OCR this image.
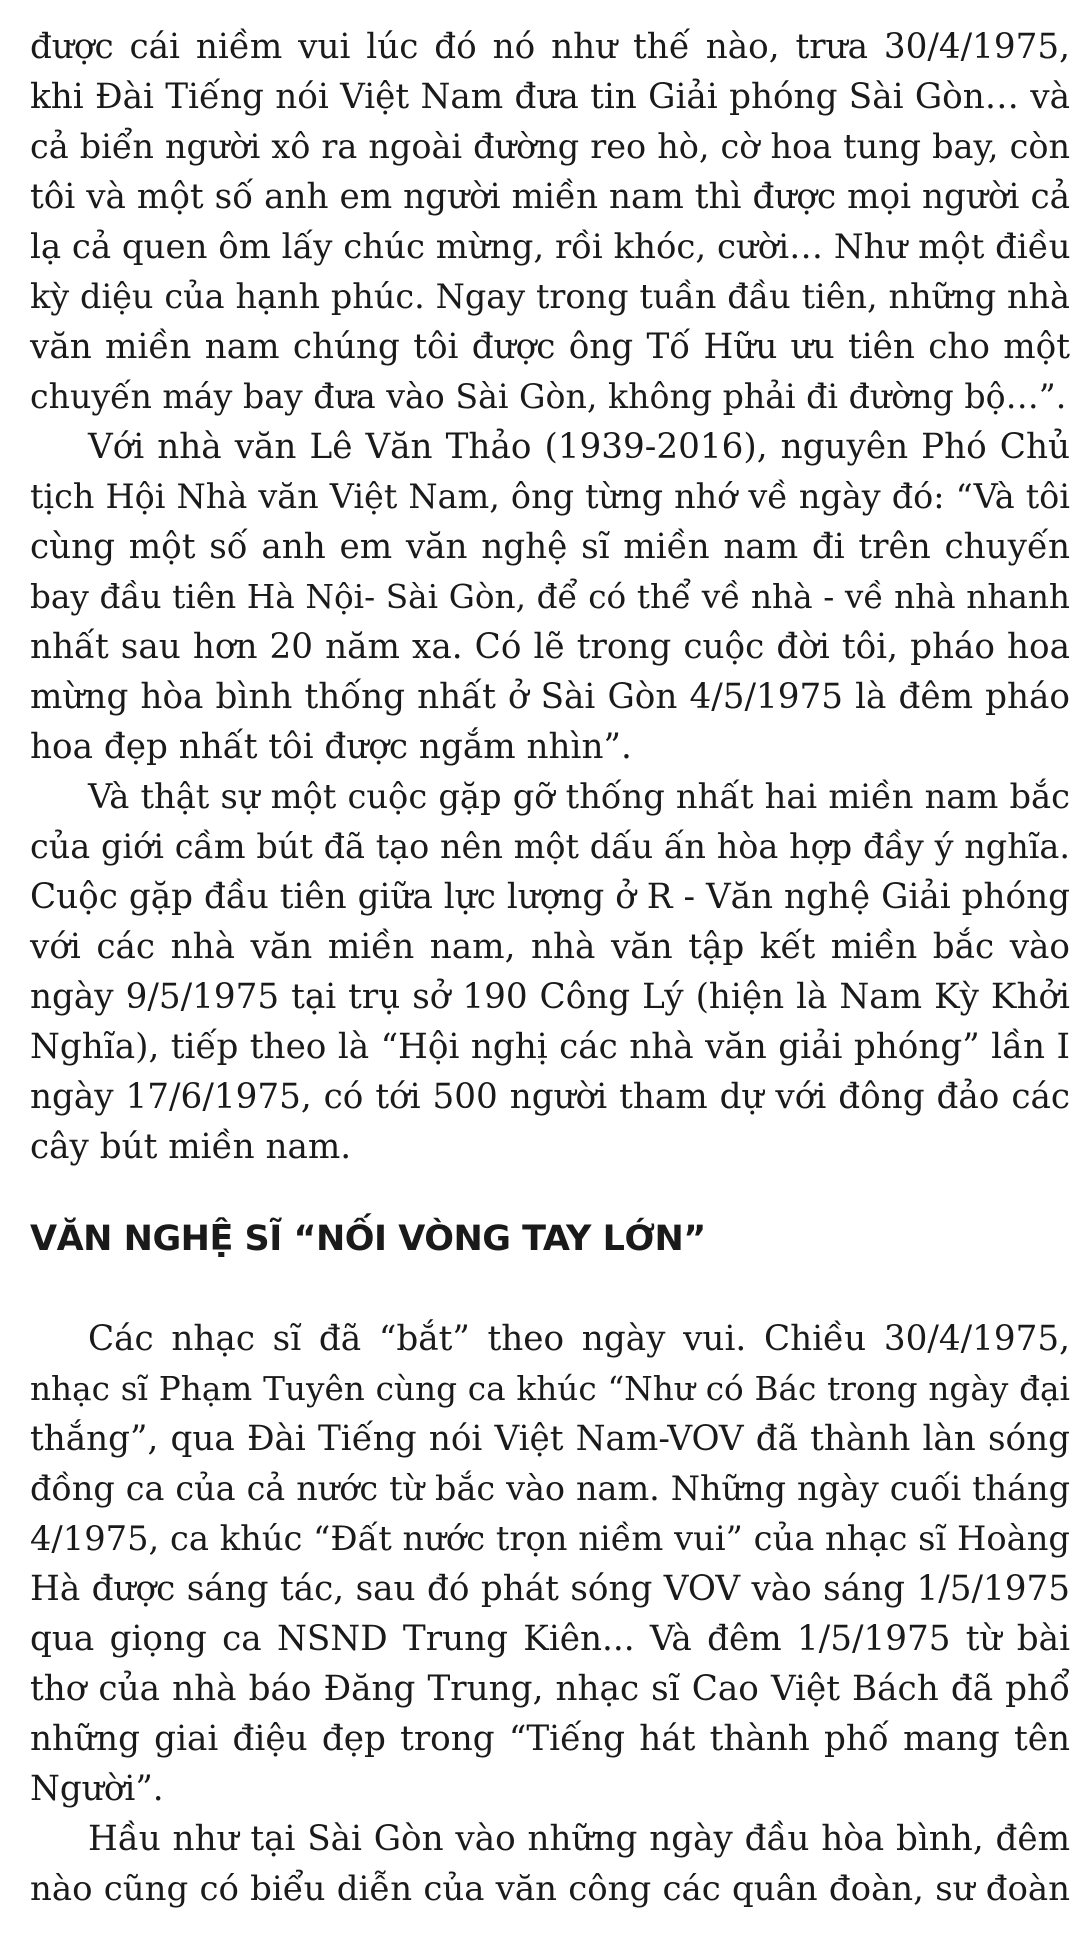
được cái niềm vui lúc đó nó như thế nào, trưa 30/4/1975,
khi Đài Tiếng nói Việt Nam đưa tin Giải phóng Sài Gòn… và
cả biển người xô ra ngoài đường reo hò, cờ hoa tung bay, còn
tôi và một số anh em người miền nam thì được mọi người cả
lạ cả quen ôm lấy chúc mừng, rồi khóc, cười… Như một điều
kỳ diệu của hạnh phúc. Ngay trong tuần đầu tiên, những nhà
văn miền nam chúng tôi được ông Tố Hữu ưu tiên cho một
chuyến máy bay đưa vào Sài Gòn, không phải đi đường bộ…”.
Với nhà văn Lê Văn Thảo (1939-2016), nguyên Phó Chủ
tịch Hội Nhà văn Việt Nam, ông từng nhớ về ngày đó: “Và tôi
cùng một số anh em văn nghệ sĩ miền nam đi trên chuyến
bay đầu tiên Hà Nội- Sài Gòn, để có thể về nhà - về nhà nhanh
nhất sau hơn 20 năm xa. Có lẽ trong cuộc đời tôi, pháo hoa
mừng hòa bình thống nhất ở Sài Gòn 4/5/1975 là đêm pháo
hoa đẹp nhất tôi được ngắm nhìn”.
Và thật sự một cuộc gặp gỡ thống nhất hai miền nam bắc
của giới cầm bút đã tạo nên một dấu ấn hòa hợp đầy ý nghĩa.
Cuộc gặp đầu tiên giữa lực lượng ở R - Văn nghệ Giải phóng
với các nhà văn miền nam, nhà văn tập kết miền bắc vào
ngày 9/5/1975 tại trụ sở 190 Công Lý (hiện là Nam Kỳ Khởi
Nghĩa), tiếp theo là “Hội nghị các nhà văn giải phóng” lần I
ngày 17/6/1975, có tới 500 người tham dự với đông đảo các
cây bút miền nam.
VĂN NGHỆ SĨ “NỐI VÒNG TAY LỚN”
Các nhạc sĩ đã “bắt” theo ngày vui. Chiều 30/4/1975,
nhạc sĩ Phạm Tuyên cùng ca khúc “Như có Bác trong ngày đại
thắng”, qua Đài Tiếng nói Việt Nam-VOV đã thành làn sóng
đồng ca của cả nước từ bắc vào nam. Những ngày cuối tháng
4/1975, ca khúc “Đất nước trọn niềm vui” của nhạc sĩ Hoàng
Hà được sáng tác, sau đó phát sóng VOV vào sáng 1/5/1975
qua giọng ca NSND Trung Kiên... Và đêm 1/5/1975 từ bài
thơ của nhà báo Đăng Trung, nhạc sĩ Cao Việt Bách đã phổ
những giai điệu đẹp trong “Tiếng hát thành phố mang tên
Người”.
Hầu như tại Sài Gòn vào những ngày đầu hòa bình, đêm
nào cũng có biểu diễn của văn công các quân đoàn, sư đoàn
